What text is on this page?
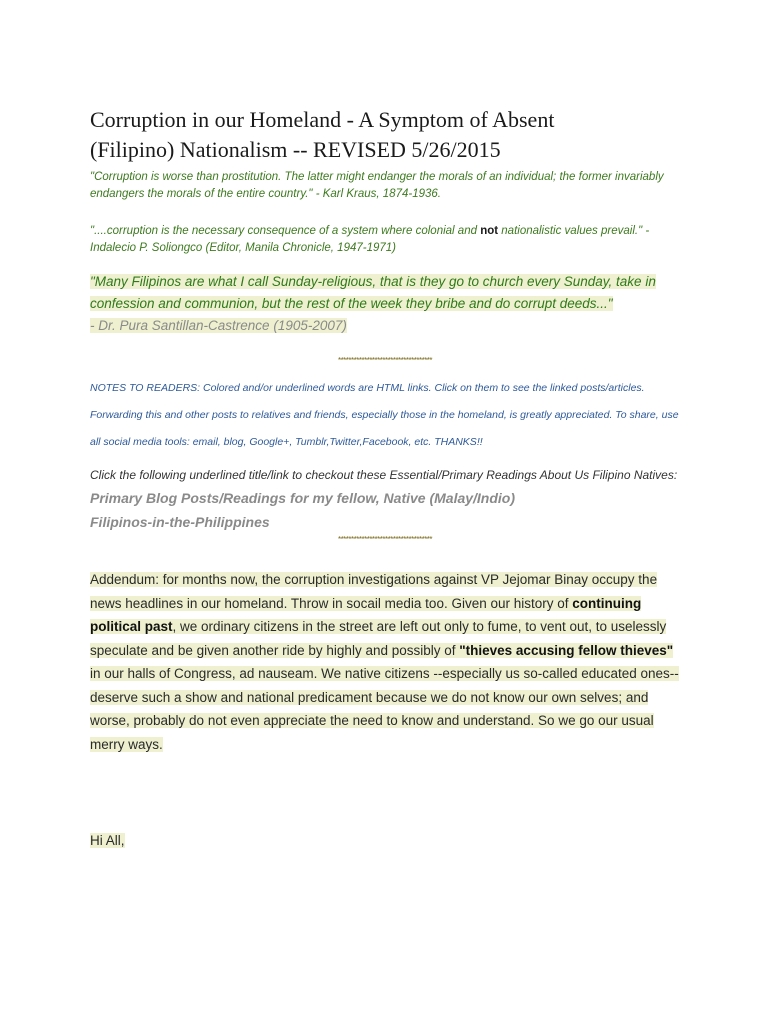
Corruption in our Homeland - A Symptom of Absent
(Filipino) Nationalism -- REVISED 5/26/2015

"Corruption is worse than prostitution. The latter might endanger the morals of an individual; the former invariably endangers the morals of the entire country." - Karl Kraus, 1874-1936.

"....corruption is the necessary consequence of a system where colonial and not nationalistic values prevail." - Indalecio P. Soliongco (Editor, Manila Chronicle, 1947-1971)

"Many Filipinos are what I call Sunday-religious, that is they go to church every Sunday, take in confession and communion, but the rest of the week they bribe and do corrupt deeds..."
- Dr. Pura Santillan-Castrence (1905-2007)
************************************
NOTES TO READERS: Colored and/or underlined words are HTML links. Click on them to see the linked posts/articles. Forwarding this and other posts to relatives and friends, especially those in the homeland, is greatly appreciated. To share, use all social media tools: email, blog, Google+, Tumblr,Twitter,Facebook, etc. THANKS!!
Click the following underlined title/link to checkout these Essential/Primary Readings About Us Filipino Natives:
Primary Blog Posts/Readings for my fellow, Native (Malay/Indio)
Filipinos-in-the-Philippines
************************************
Addendum: for months now, the corruption investigations against VP Jejomar Binay occupy the news headlines in our homeland. Throw in socail media too. Given our history of continuing political past, we ordinary citizens in the street are left out only to fume, to vent out, to uselessly speculate and be given another ride by highly and possibly of "thieves accusing fellow thieves" in our halls of Congress, ad nauseam. We native citizens --especially us so-called educated ones-- deserve such a show and national predicament because we do not know our own selves; and worse, probably do not even appreciate the need to know and understand. So we go our usual merry ways.
Hi All,
